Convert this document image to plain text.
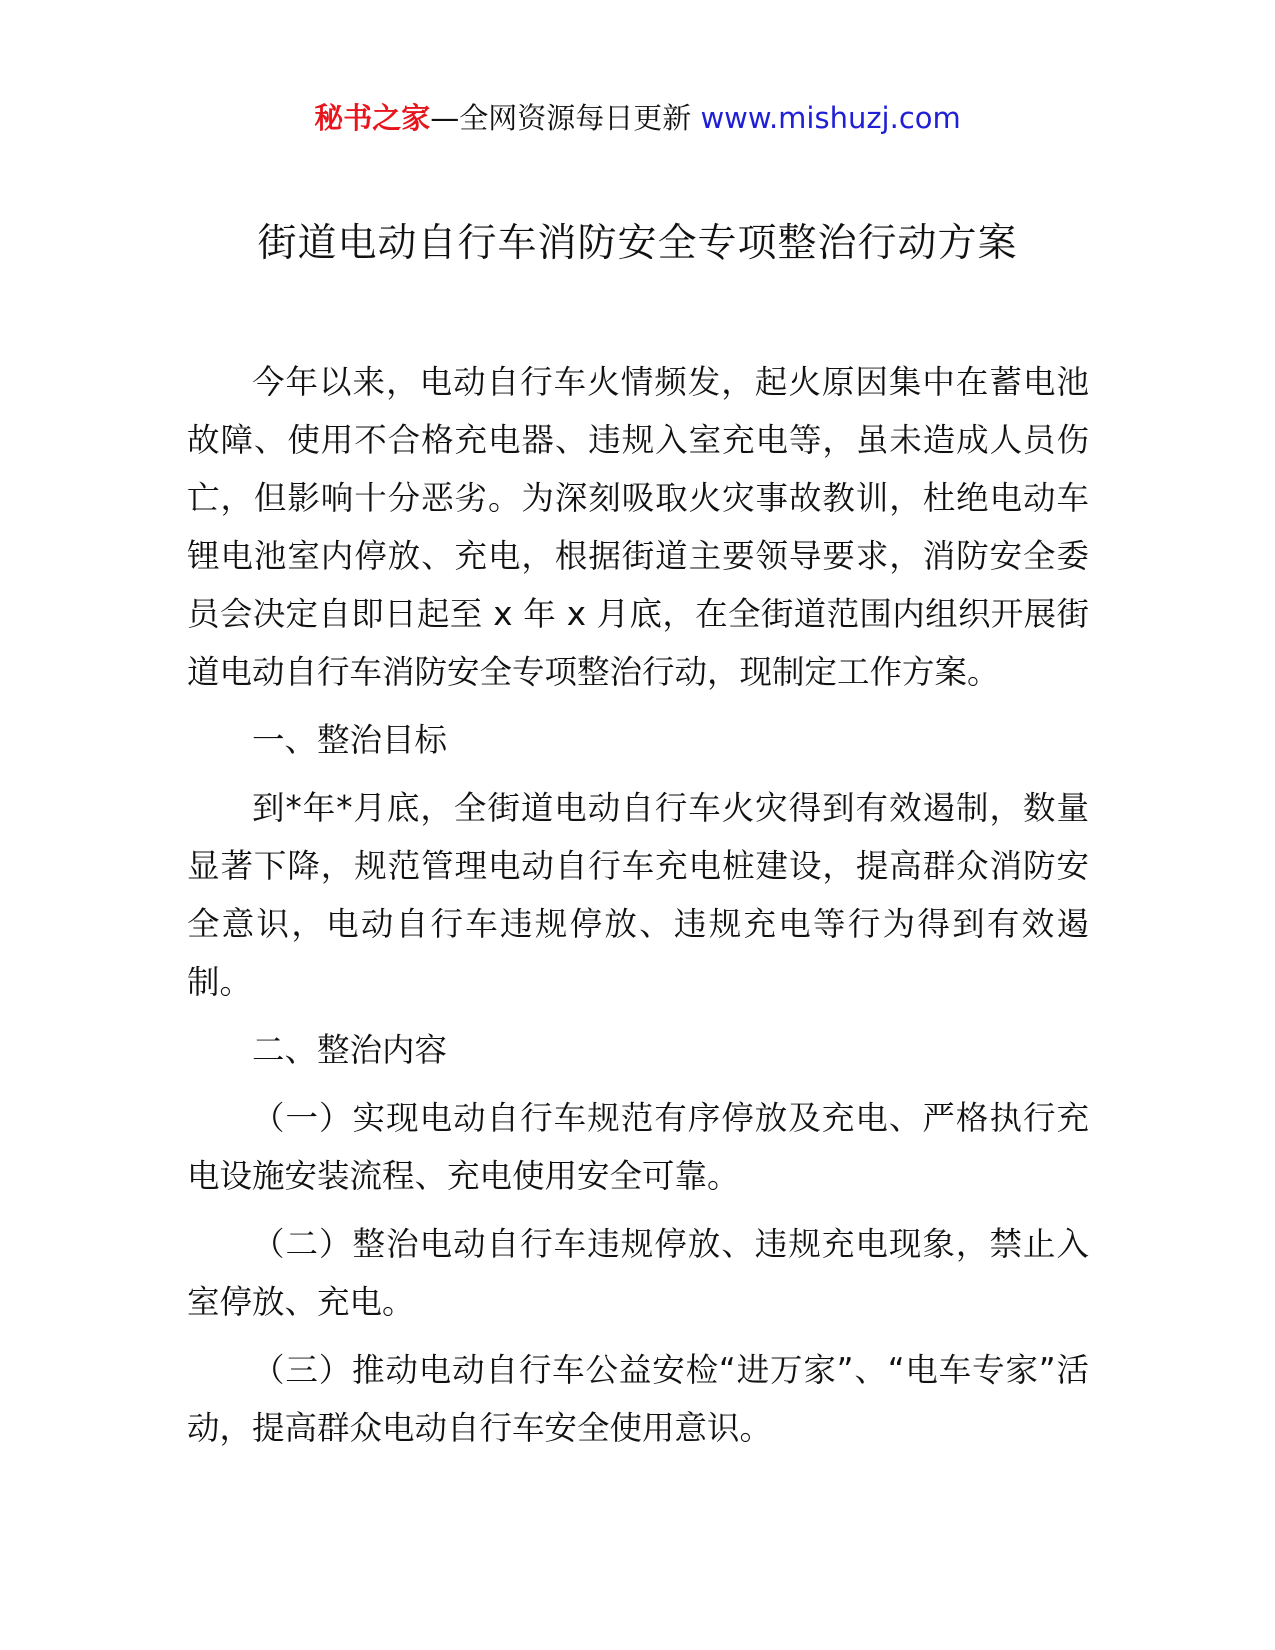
秘书之家—全网资源每日更新 www.mishuzj.com
街道电动自行车消防安全专项整治行动方案

今年以来，电动自行车火情频发，起火原因集中在蓄电池故障、使用不合格充电器、违规入室充电等，虽未造成人员伤亡，但影响十分恶劣。为深刻吸取火灾事故教训，杜绝电动车锂电池室内停放、充电，根据街道主要领导要求，消防安全委员会决定自即日起至 x 年 x 月底，在全街道范围内组织开展街道电动自行车消防安全专项整治行动，现制定工作方案。

一、整治目标

到*年*月底，全街道电动自行车火灾得到有效遏制，数量显著下降，规范管理电动自行车充电桩建设，提高群众消防安全意识，电动自行车违规停放、违规充电等行为得到有效遏制。

二、整治内容

（一）实现电动自行车规范有序停放及充电、严格执行充电设施安装流程、充电使用安全可靠。

（二）整治电动自行车违规停放、违规充电现象，禁止入室停放、充电。

（三）推动电动自行车公益安检“进万家”、“电车专家”活动，提高群众电动自行车安全使用意识。
